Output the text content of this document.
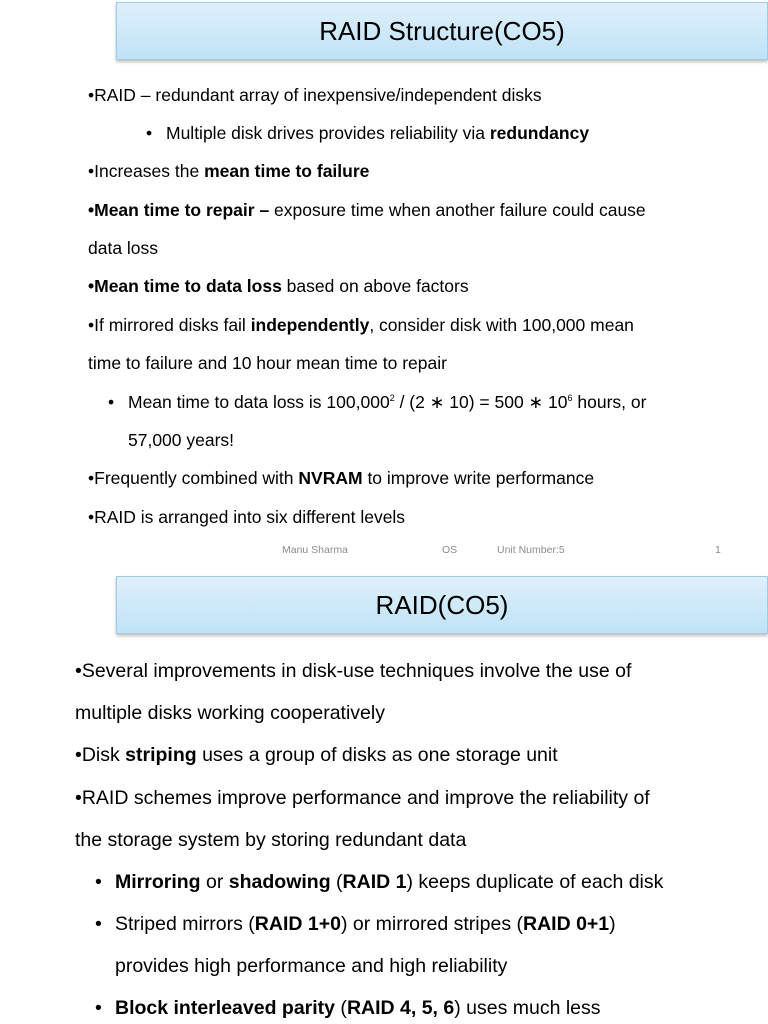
RAID Structure(CO5)
•RAID – redundant array of inexpensive/independent disks
• Multiple disk drives provides reliability via redundancy
•Increases the mean time to failure
•Mean time to repair – exposure time when another failure could cause
data loss
•Mean time to data loss based on above factors
•If mirrored disks fail independently, consider disk with 100,000 mean
time to failure and 10 hour mean time to repair
• Mean time to data loss is 100,000$^2$ / (2 ∗ 10) = 500 ∗ $10^6$ hours, or
57,000 years!
•Frequently combined with NVRAM to improve write performance
•RAID is arranged into six different levels
Manu Sharma	OS	Unit Number:5	1
RAID(CO5)
•Several improvements in disk-use techniques involve the use of
multiple disks working cooperatively
•Disk striping uses a group of disks as one storage unit
•RAID schemes improve performance and improve the reliability of
the storage system by storing redundant data
• Mirroring or shadowing (RAID 1) keeps duplicate of each disk
• Striped mirrors (RAID 1+0) or mirrored stripes (RAID 0+1)
provides high performance and high reliability
• Block interleaved parity (RAID 4, 5, 6) uses much less
